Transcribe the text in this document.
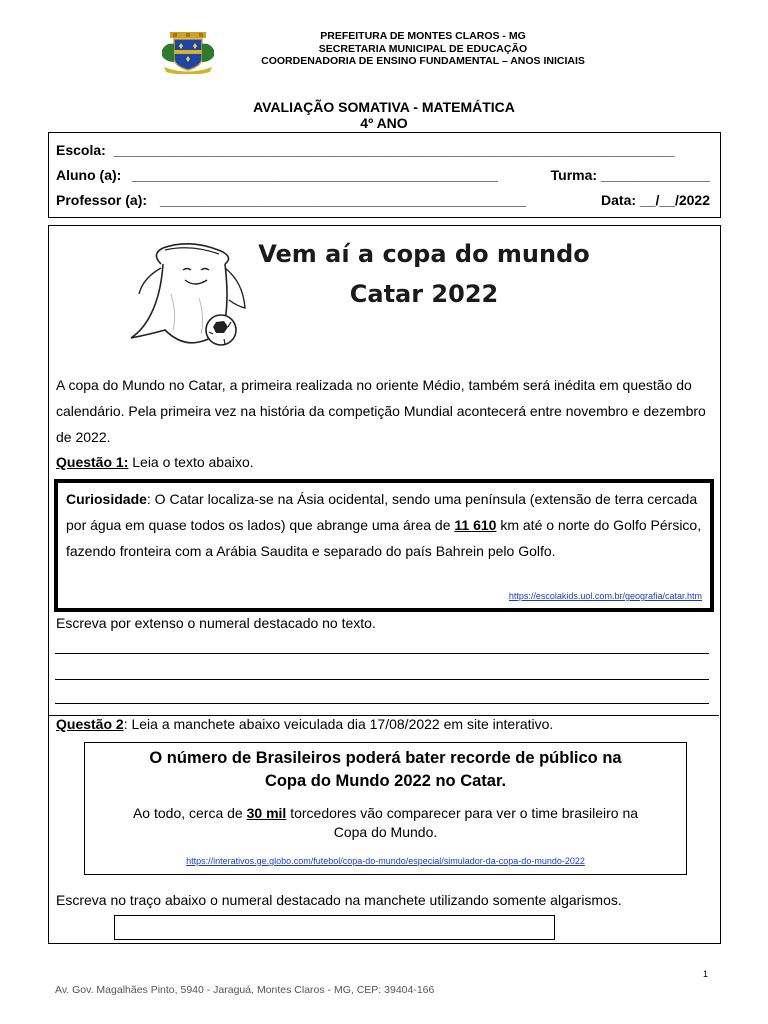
PREFEITURA DE MONTES CLAROS - MG
SECRETARIA MUNICIPAL DE EDUCAÇÃO
COORDENADORIA DE ENSINO FUNDAMENTAL – ANOS INICIAIS
AVALIAÇÃO SOMATIVA - MATEMÁTICA
4º ANO
Escola: ________________________________________________________________________
Aluno (a): _______________________________________________	Turma: ______________
Professor (a): _______________________________________________	Data: __/__/2022
Vem aí a copa do mundo
Catar 2022
A copa do Mundo no Catar, a primeira realizada no oriente Médio, também será inédita em questão do calendário. Pela primeira vez na história da competição Mundial acontecerá entre novembro e dezembro de 2022.
Questão 1: Leia o texto abaixo.
Curiosidade: O Catar localiza-se na Ásia ocidental, sendo uma península (extensão de terra cercada por água em quase todos os lados) que abrange uma área de 11 610 km até o norte do Golfo Pérsico, fazendo fronteira com a Arábia Saudita e separado do país Bahrein pelo Golfo.
https://escolakids.uol.com.br/geografia/catar.htm
Escreva por extenso o numeral destacado no texto.
Questão 2: Leia a manchete abaixo veiculada dia 17/08/2022 em site interativo.
O número de Brasileiros poderá bater recorde de público na
Copa do Mundo 2022 no Catar.
Ao todo, cerca de 30 mil torcedores vão comparecer para ver o time brasileiro na
Copa do Mundo.
https://interativos.ge.globo.com/futebol/copa-do-mundo/especial/simulador-da-copa-do-mundo-2022
Escreva no traço abaixo o numeral destacado na manchete utilizando somente algarismos.
1
Av. Gov. Magalhães Pinto, 5940 - Jaraguá, Montes Claros - MG, CEP: 39404-166
